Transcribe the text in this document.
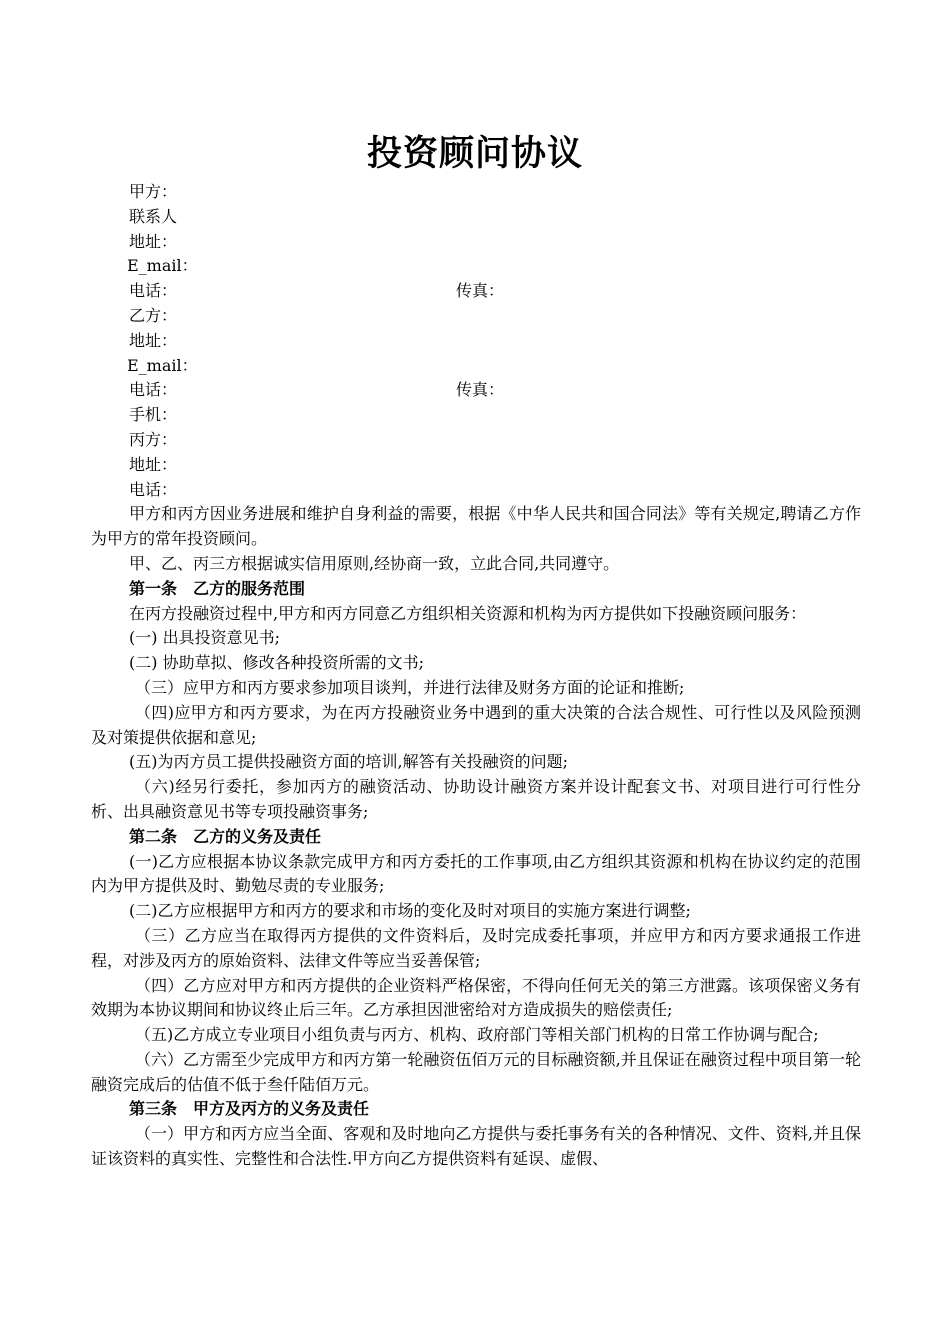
投资顾问协议
甲方：
联系人
地址：
E_mail：
电话：	传真：
乙方：
地址：
E_mail：
电话：	传真：
手机：
丙方：
地址：
电话：
甲方和丙方因业务进展和维护自身利益的需要，根据《中华人民共和国合同法》等有关规定,聘请乙方作为甲方的常年投资顾问。
甲、乙、丙三方根据诚实信用原则,经协商一致，立此合同,共同遵守。
第一条　乙方的服务范围
在丙方投融资过程中,甲方和丙方同意乙方组织相关资源和机构为丙方提供如下投融资顾问服务：
(一) 出具投资意见书;
(二) 协助草拟、修改各种投资所需的文书;
（三）应甲方和丙方要求参加项目谈判，并进行法律及财务方面的论证和推断;
（四)应甲方和丙方要求，为在丙方投融资业务中遇到的重大决策的合法合规性、可行性以及风险预测及对策提供依据和意见;
(五)为丙方员工提供投融资方面的培训,解答有关投融资的问题;
（六)经另行委托，参加丙方的融资活动、协助设计融资方案并设计配套文书、对项目进行可行性分析、出具融资意见书等专项投融资事务;
第二条　乙方的义务及责任
(一)乙方应根据本协议条款完成甲方和丙方委托的工作事项,由乙方组织其资源和机构在协议约定的范围内为甲方提供及时、勤勉尽责的专业服务;
(二)乙方应根据甲方和丙方的要求和市场的变化及时对项目的实施方案进行调整;
（三）乙方应当在取得丙方提供的文件资料后，及时完成委托事项，并应甲方和丙方要求通报工作进程，对涉及丙方的原始资料、法律文件等应当妥善保管;
（四）乙方应对甲方和丙方提供的企业资料严格保密，不得向任何无关的第三方泄露。该项保密义务有效期为本协议期间和协议终止后三年。乙方承担因泄密给对方造成损失的赔偿责任;
（五)乙方成立专业项目小组负责与丙方、机构、政府部门等相关部门机构的日常工作协调与配合;
（六）乙方需至少完成甲方和丙方第一轮融资伍佰万元的目标融资额,并且保证在融资过程中项目第一轮融资完成后的估值不低于叁仟陆佰万元。
第三条　甲方及丙方的义务及责任
（一）甲方和丙方应当全面、客观和及时地向乙方提供与委托事务有关的各种情况、文件、资料,并且保证该资料的真实性、完整性和合法性.甲方向乙方提供资料有延误、虚假、
